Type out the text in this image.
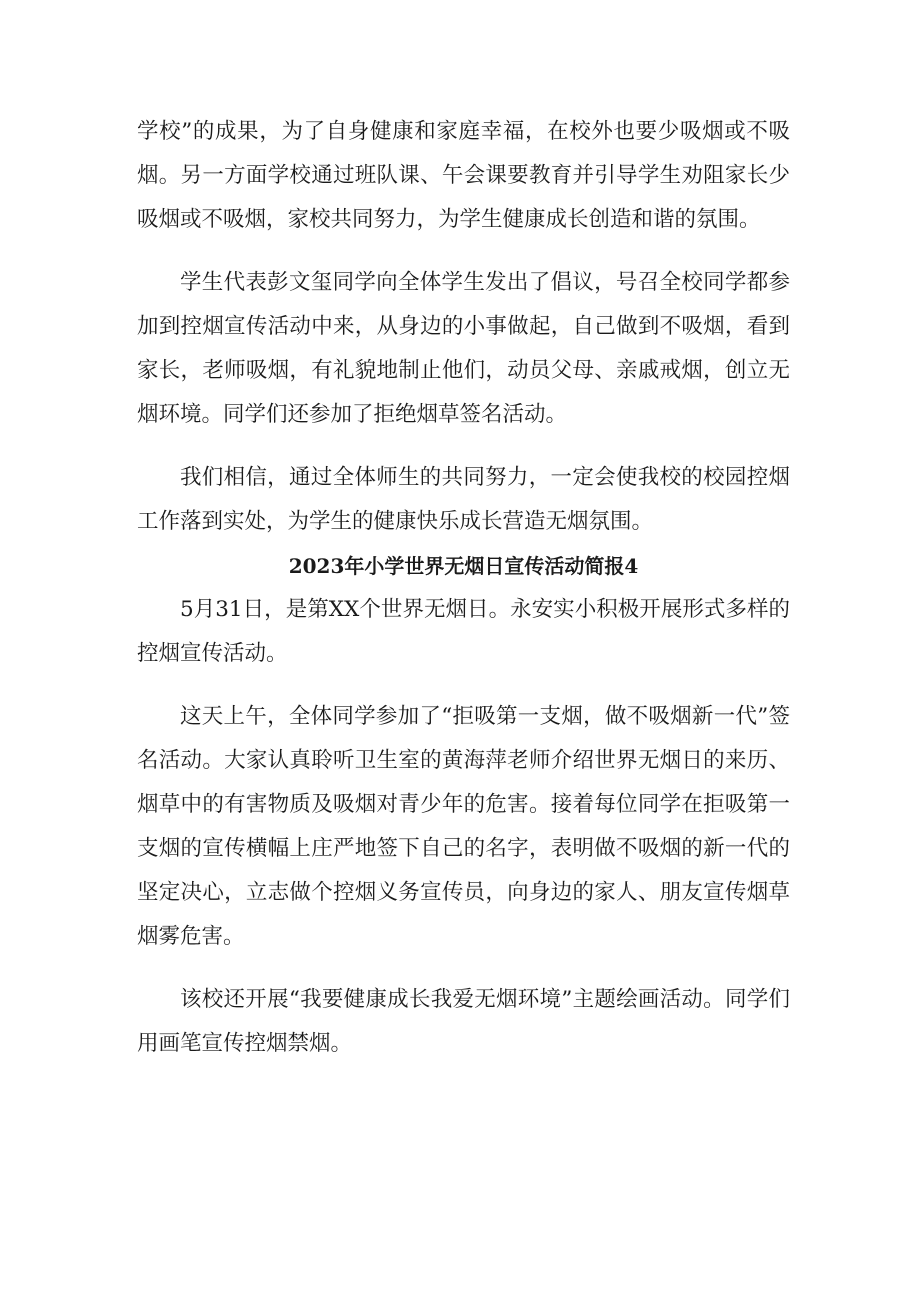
学校”的成果，为了自身健康和家庭幸福，在校外也要少吸烟或不吸烟。另一方面学校通过班队课、午会课要教育并引导学生劝阻家长少吸烟或不吸烟，家校共同努力，为学生健康成长创造和谐的氛围。

学生代表彭文玺同学向全体学生发出了倡议，号召全校同学都参加到控烟宣传活动中来，从身边的小事做起，自己做到不吸烟，看到家长，老师吸烟，有礼貌地制止他们，动员父母、亲戚戒烟，创立无烟环境。同学们还参加了拒绝烟草签名活动。

我们相信，通过全体师生的共同努力，一定会使我校的校园控烟工作落到实处，为学生的健康快乐成长营造无烟氛围。

2023年小学世界无烟日宣传活动简报4

5月31日，是第XX个世界无烟日。永安实小积极开展形式多样的控烟宣传活动。

这天上午，全体同学参加了“拒吸第一支烟，做不吸烟新一代”签名活动。大家认真聆听卫生室的黄海萍老师介绍世界无烟日的来历、烟草中的有害物质及吸烟对青少年的危害。接着每位同学在拒吸第一支烟的宣传横幅上庄严地签下自己的名字，表明做不吸烟的新一代的坚定决心，立志做个控烟义务宣传员，向身边的家人、朋友宣传烟草烟雾危害。

该校还开展“我要健康成长我爱无烟环境”主题绘画活动。同学们用画笔宣传控烟禁烟。
